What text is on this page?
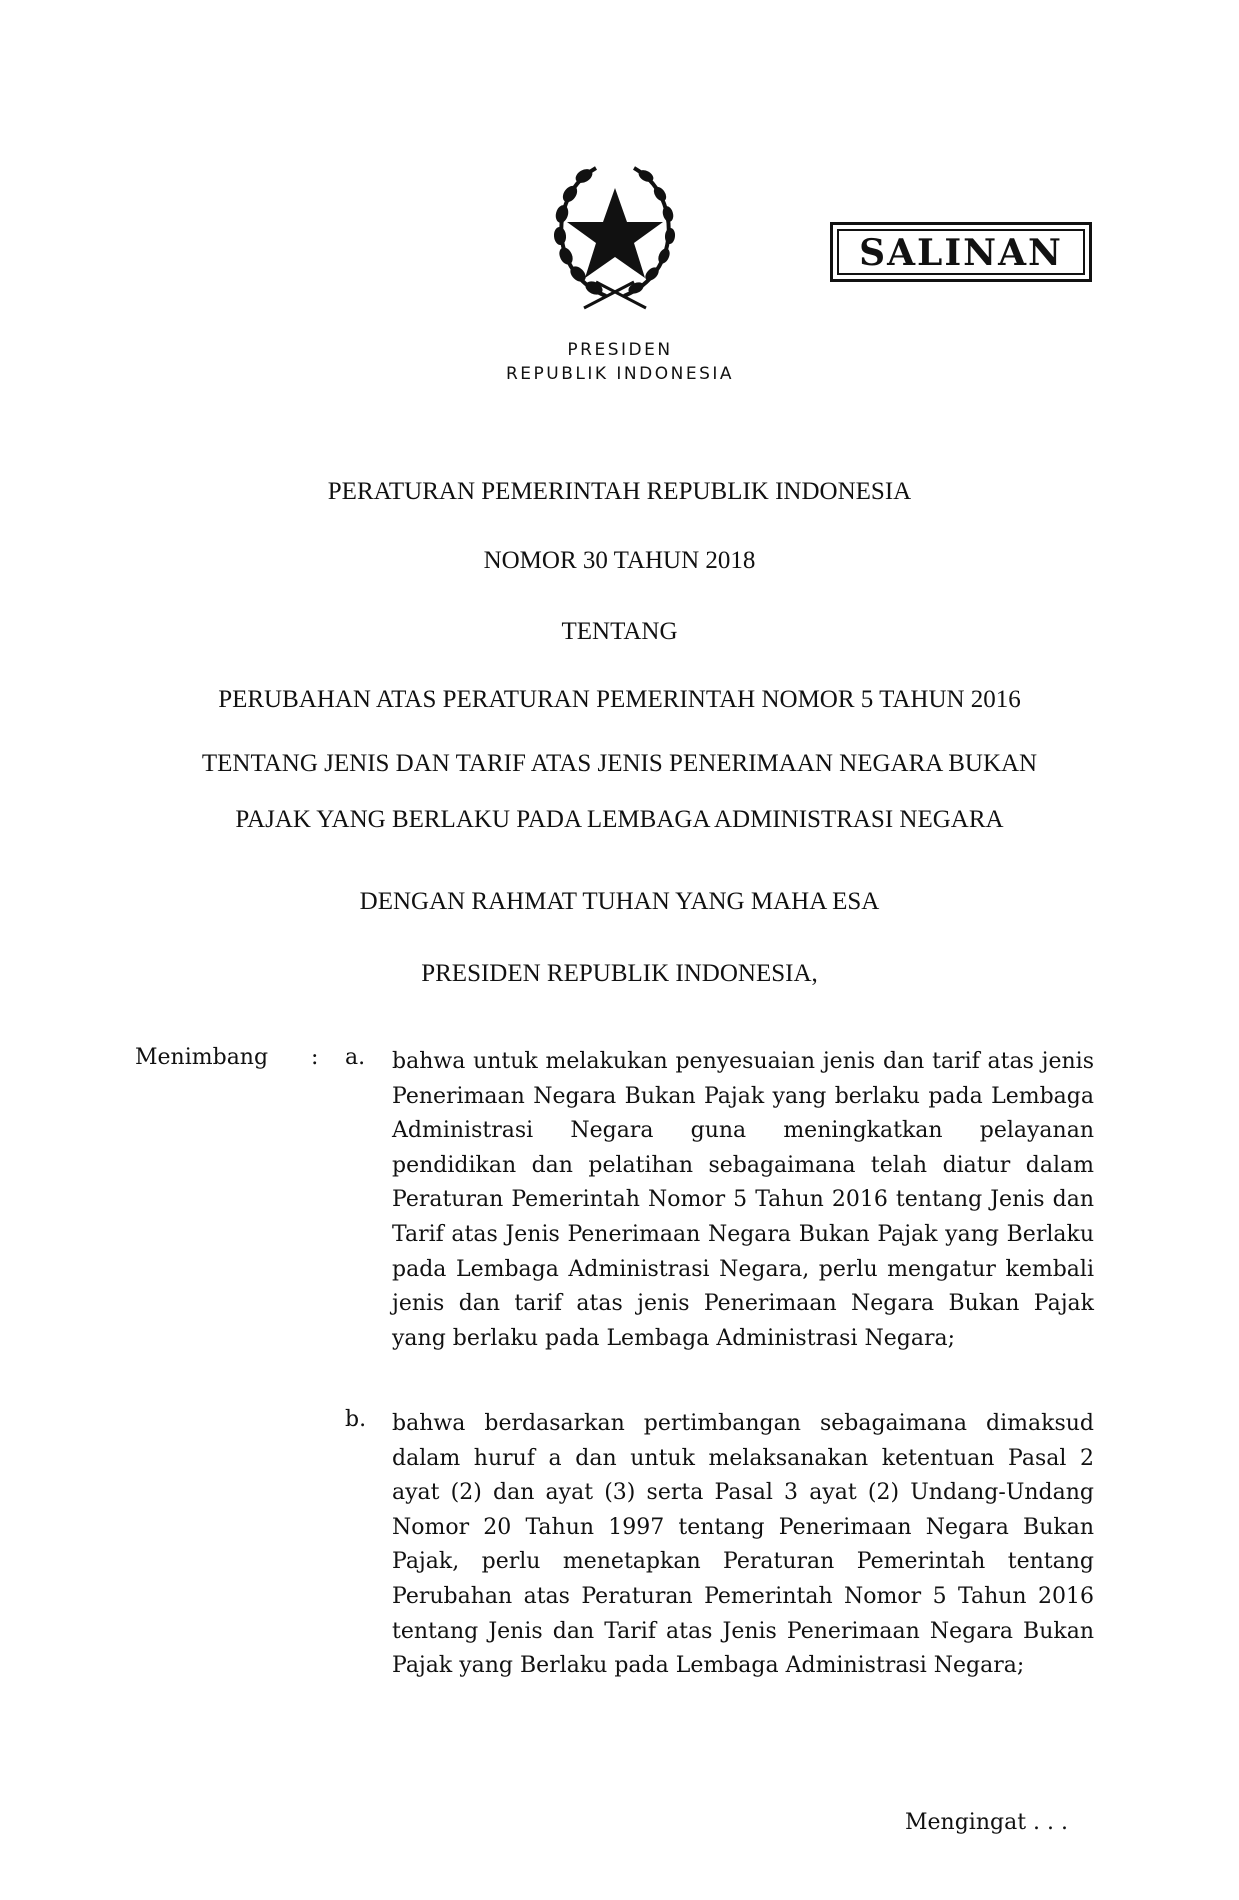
SALINAN
PRESIDEN
REPUBLIK INDONESIA
PERATURAN PEMERINTAH REPUBLIK INDONESIA
NOMOR 30 TAHUN 2018
TENTANG
PERUBAHAN ATAS PERATURAN PEMERINTAH NOMOR 5 TAHUN 2016
TENTANG JENIS DAN TARIF ATAS JENIS PENERIMAAN NEGARA BUKAN
PAJAK YANG BERLAKU PADA LEMBAGA ADMINISTRASI NEGARA
DENGAN RAHMAT TUHAN YANG MAHA ESA
PRESIDEN REPUBLIK INDONESIA,
Menimbang : a. bahwa untuk melakukan penyesuaian jenis dan tarif atas jenis Penerimaan Negara Bukan Pajak yang berlaku pada Lembaga Administrasi Negara guna meningkatkan pelayanan pendidikan dan pelatihan sebagaimana telah diatur dalam Peraturan Pemerintah Nomor 5 Tahun 2016 tentang Jenis dan Tarif atas Jenis Penerimaan Negara Bukan Pajak yang Berlaku pada Lembaga Administrasi Negara, perlu mengatur kembali jenis dan tarif atas jenis Penerimaan Negara Bukan Pajak yang berlaku pada Lembaga Administrasi Negara;
b. bahwa berdasarkan pertimbangan sebagaimana dimaksud dalam huruf a dan untuk melaksanakan ketentuan Pasal 2 ayat (2) dan ayat (3) serta Pasal 3 ayat (2) Undang-Undang Nomor 20 Tahun 1997 tentang Penerimaan Negara Bukan Pajak, perlu menetapkan Peraturan Pemerintah tentang Perubahan atas Peraturan Pemerintah Nomor 5 Tahun 2016 tentang Jenis dan Tarif atas Jenis Penerimaan Negara Bukan Pajak yang Berlaku pada Lembaga Administrasi Negara;
Mengingat . . .
